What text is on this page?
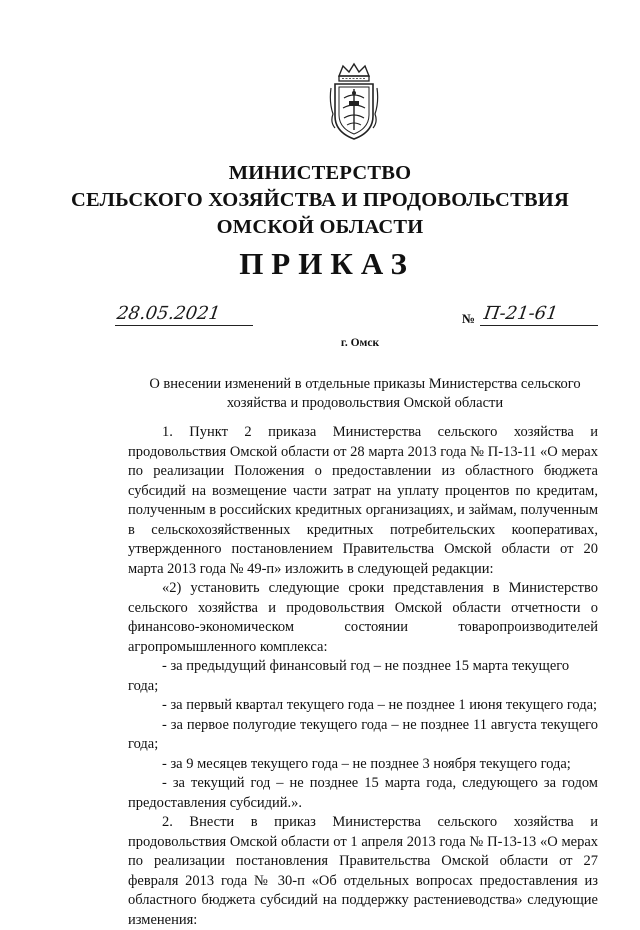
МИНИСТЕРСТВО
СЕЛЬСКОГО ХОЗЯЙСТВА И ПРОДОВОЛЬСТВИЯ
ОМСКОЙ ОБЛАСТИ
ПРИКАЗ
28.05.2021	№ П-21-61
г. Омск
О внесении изменений в отдельные приказы Министерства сельского хозяйства и продовольствия Омской области

1. Пункт 2 приказа Министерства сельского хозяйства и продовольствия Омской области от 28 марта 2013 года № П-13-11 «О мерах по реализации Положения о предоставлении из областного бюджета субсидий на возмещение части затрат на уплату процентов по кредитам, полученным в российских кредитных организациях, и займам, полученным в сельскохозяйственных кредитных потребительских кооперативах, утвержденного постановлением Правительства Омской области от 20 марта 2013 года № 49-п» изложить в следующей редакции:

«2) установить следующие сроки представления в Министерство сельского хозяйства и продовольствия Омской области отчетности о финансово-экономическом состоянии товаропроизводителей агропромышленного комплекса:

- за предыдущий финансовый год – не позднее 15 марта текущего года;

- за первый квартал текущего года – не позднее 1 июня текущего года;

- за первое полугодие текущего года – не позднее 11 августа текущего года;

- за 9 месяцев текущего года – не позднее 3 ноября текущего года;

- за текущий год – не позднее 15 марта года, следующего за годом предоставления субсидий.».

2. Внести в приказ Министерства сельского хозяйства и продовольствия Омской области от 1 апреля 2013 года № П-13-13 «О мерах по реализации постановления Правительства Омской области от 27 февраля 2013 года № 30-п «Об отдельных вопросах предоставления из областного бюджета субсидий на поддержку растениеводства» следующие изменения:
